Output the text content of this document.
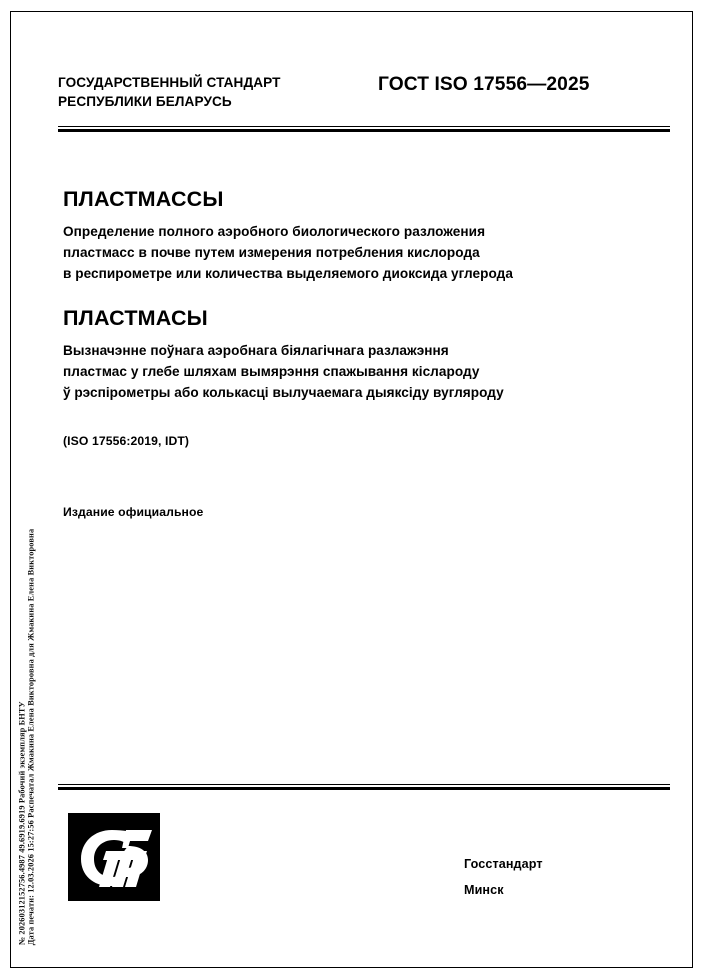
№ 20260312152756.4987 49.6919.6919 Рабочий экземпляр БНТУ Дата печати: 12.03.2026 15:27:56 Распечатал Жмакина Елена Викторовна для Жмакина Елена Викторовна
ГОСУДАРСТВЕННЫЙ СТАНДАРТ
РЕСПУБЛИКИ БЕЛАРУСЬ
ГОСТ ISO 17556—2025
ПЛАСТМАССЫ
Определение полного аэробного биологического разложения
пластмасс в почве путем измерения потребления кислорода
в респирометре или количества выделяемого диоксида углерода
ПЛАСТМАСЫ
Вызначэнне поўнага аэробнага біялагічнага разлажэння
пластмас у глебе шляхам вымярэння спажывання кіслароду
ў рэспірометры або колькасці вылучаемага дыяксіду вугляроду
(ISO 17556:2019, IDT)
Издание официальное
Госстандарт
Минск
